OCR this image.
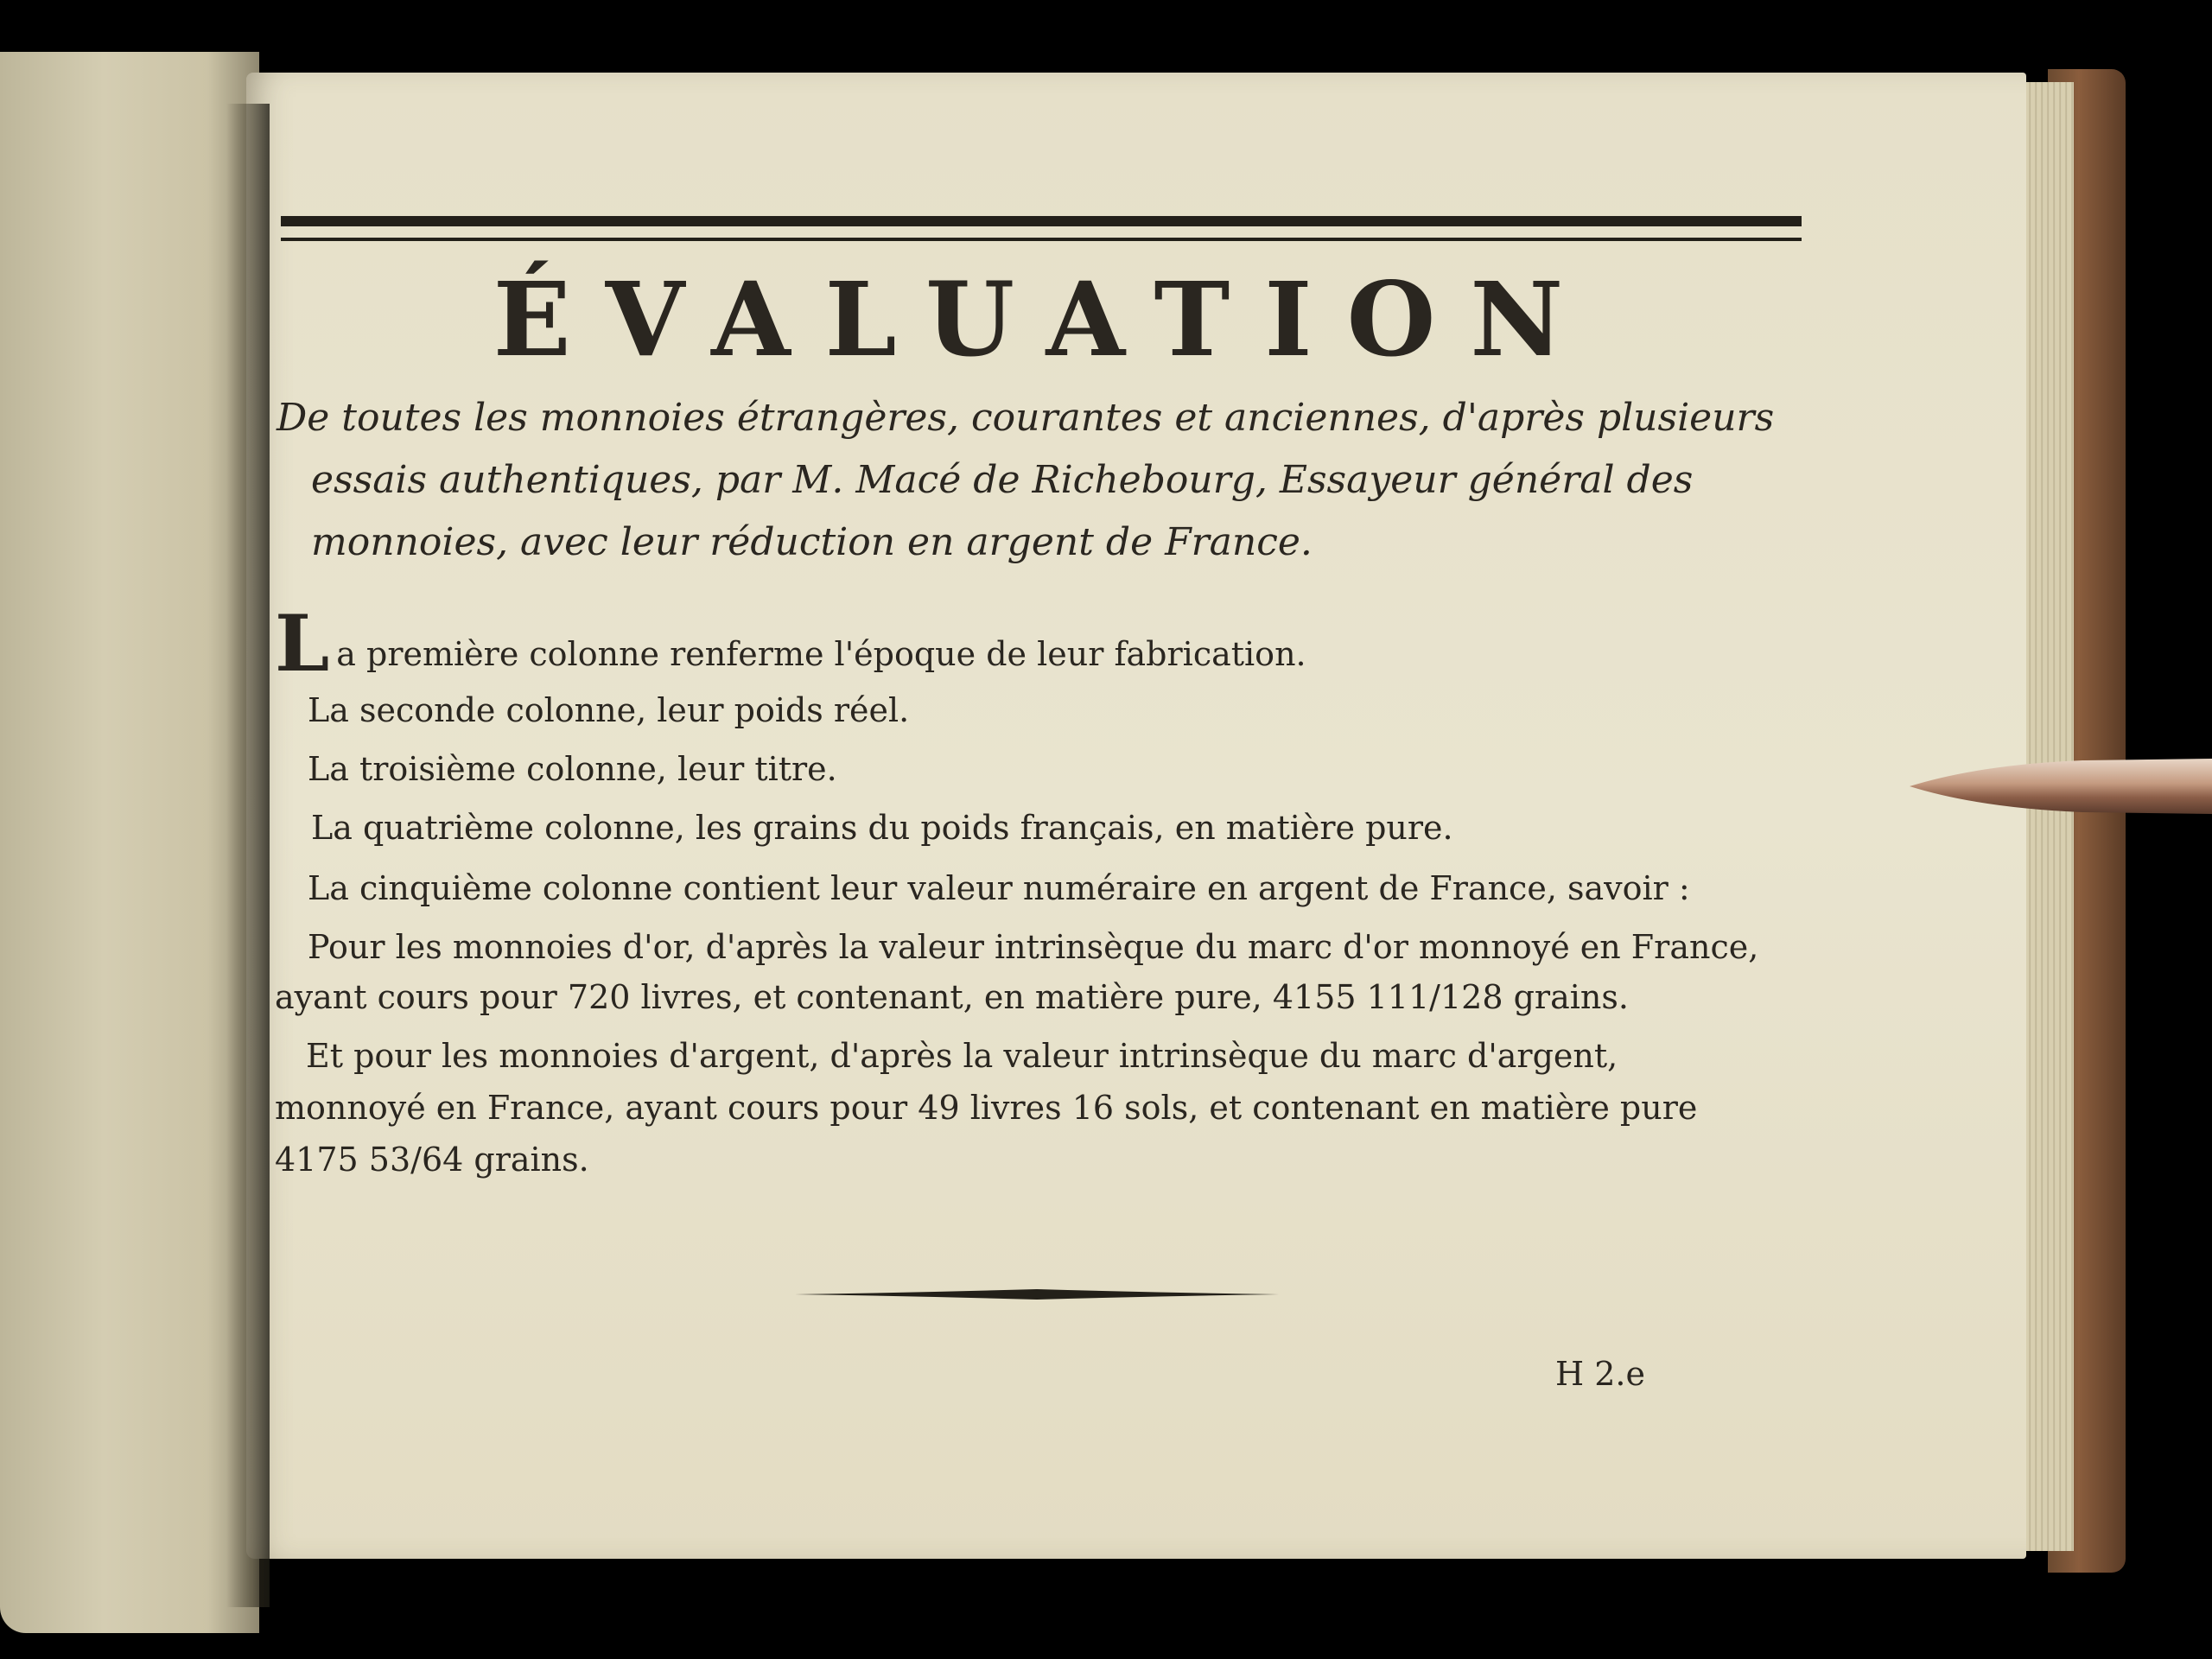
ÉVALUATION
De toutes les monnoies étrangères, courantes et anciennes, d'après plusieurs
essais authentiques, par M. Macé de Richebourg, Essayeur général des
monnoies, avec leur réduction en argent de France.
La première colonne renferme l'époque de leur fabrication.
La seconde colonne, leur poids réel.
La troisième colonne, leur titre.
La quatrième colonne, les grains du poids français, en matière pure.
La cinquième colonne contient leur valeur numéraire en argent de France, savoir :
Pour les monnoies d'or, d'après la valeur intrinsèque du marc d'or monnoyé en France,
ayant cours pour 720 livres, et contenant, en matière pure, 4155 111/128 grains.
Et pour les monnoies d'argent, d'après la valeur intrinsèque du marc d'argent,
monnoyé en France, ayant cours pour 49 livres 16 sols, et contenant en matière pure
4175 53/64 grains.
H 2.e
